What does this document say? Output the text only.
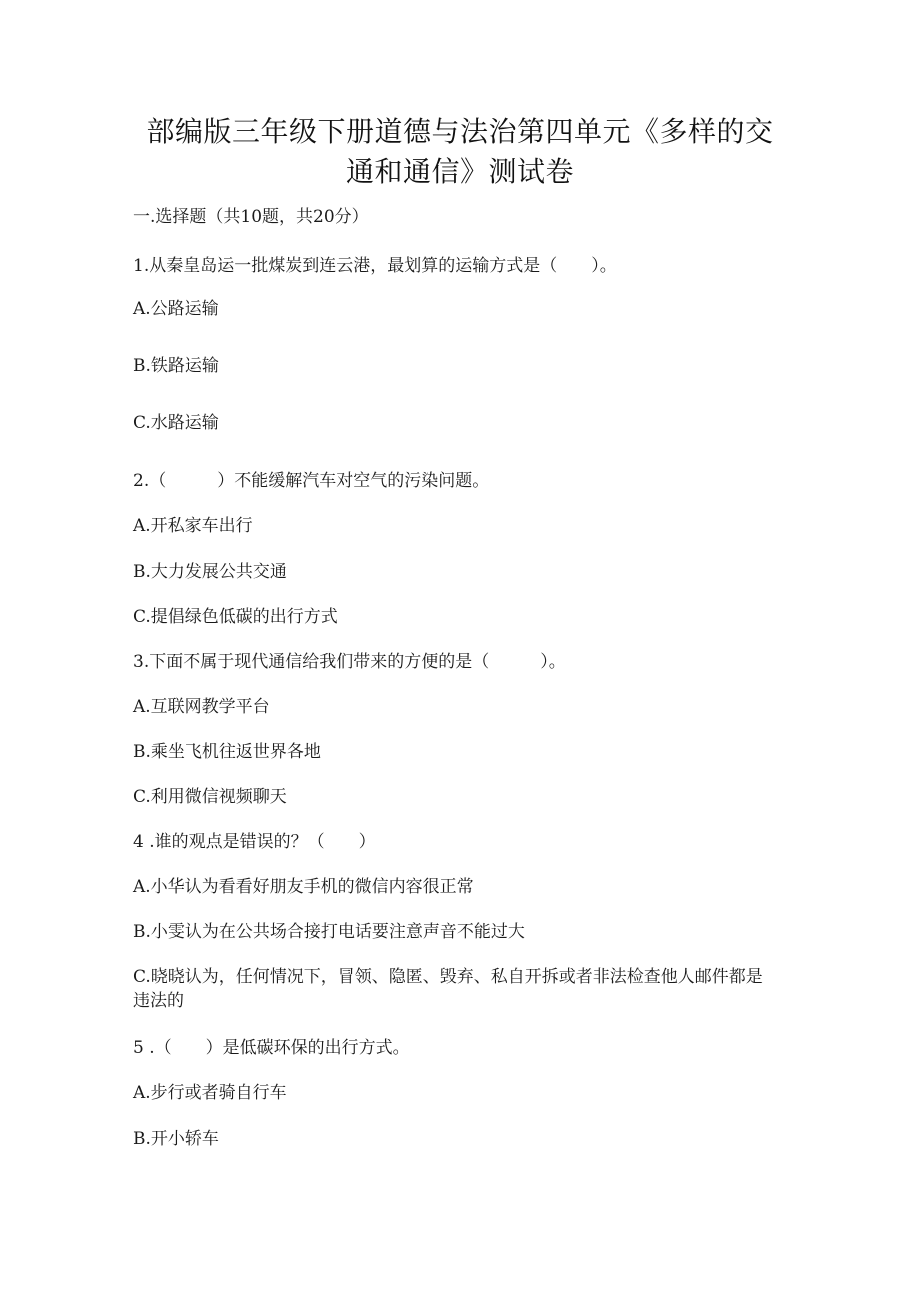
部编版三年级下册道德与法治第四单元《多样的交通和通信》测试卷
一.选择题（共10题，共20分）
1.从秦皇岛运一批煤炭到连云港，最划算的运输方式是（　　）。
A.公路运输
B.铁路运输
C.水路运输
2.（　　　）不能缓解汽车对空气的污染问题。
A.开私家车出行
B.大力发展公共交通
C.提倡绿色低碳的出行方式
3.下面不属于现代通信给我们带来的方便的是（　　　）。
A.互联网教学平台
B.乘坐飞机往返世界各地
C.利用微信视频聊天
4 .谁的观点是错误的？（　　）
A.小华认为看看好朋友手机的微信内容很正常
B.小雯认为在公共场合接打电话要注意声音不能过大
C.晓晓认为，任何情况下，冒领、隐匿、毁弃、私自开拆或者非法检查他人邮件都是违法的
5 .（　　）是低碳环保的出行方式。
A.步行或者骑自行车
B.开小轿车
